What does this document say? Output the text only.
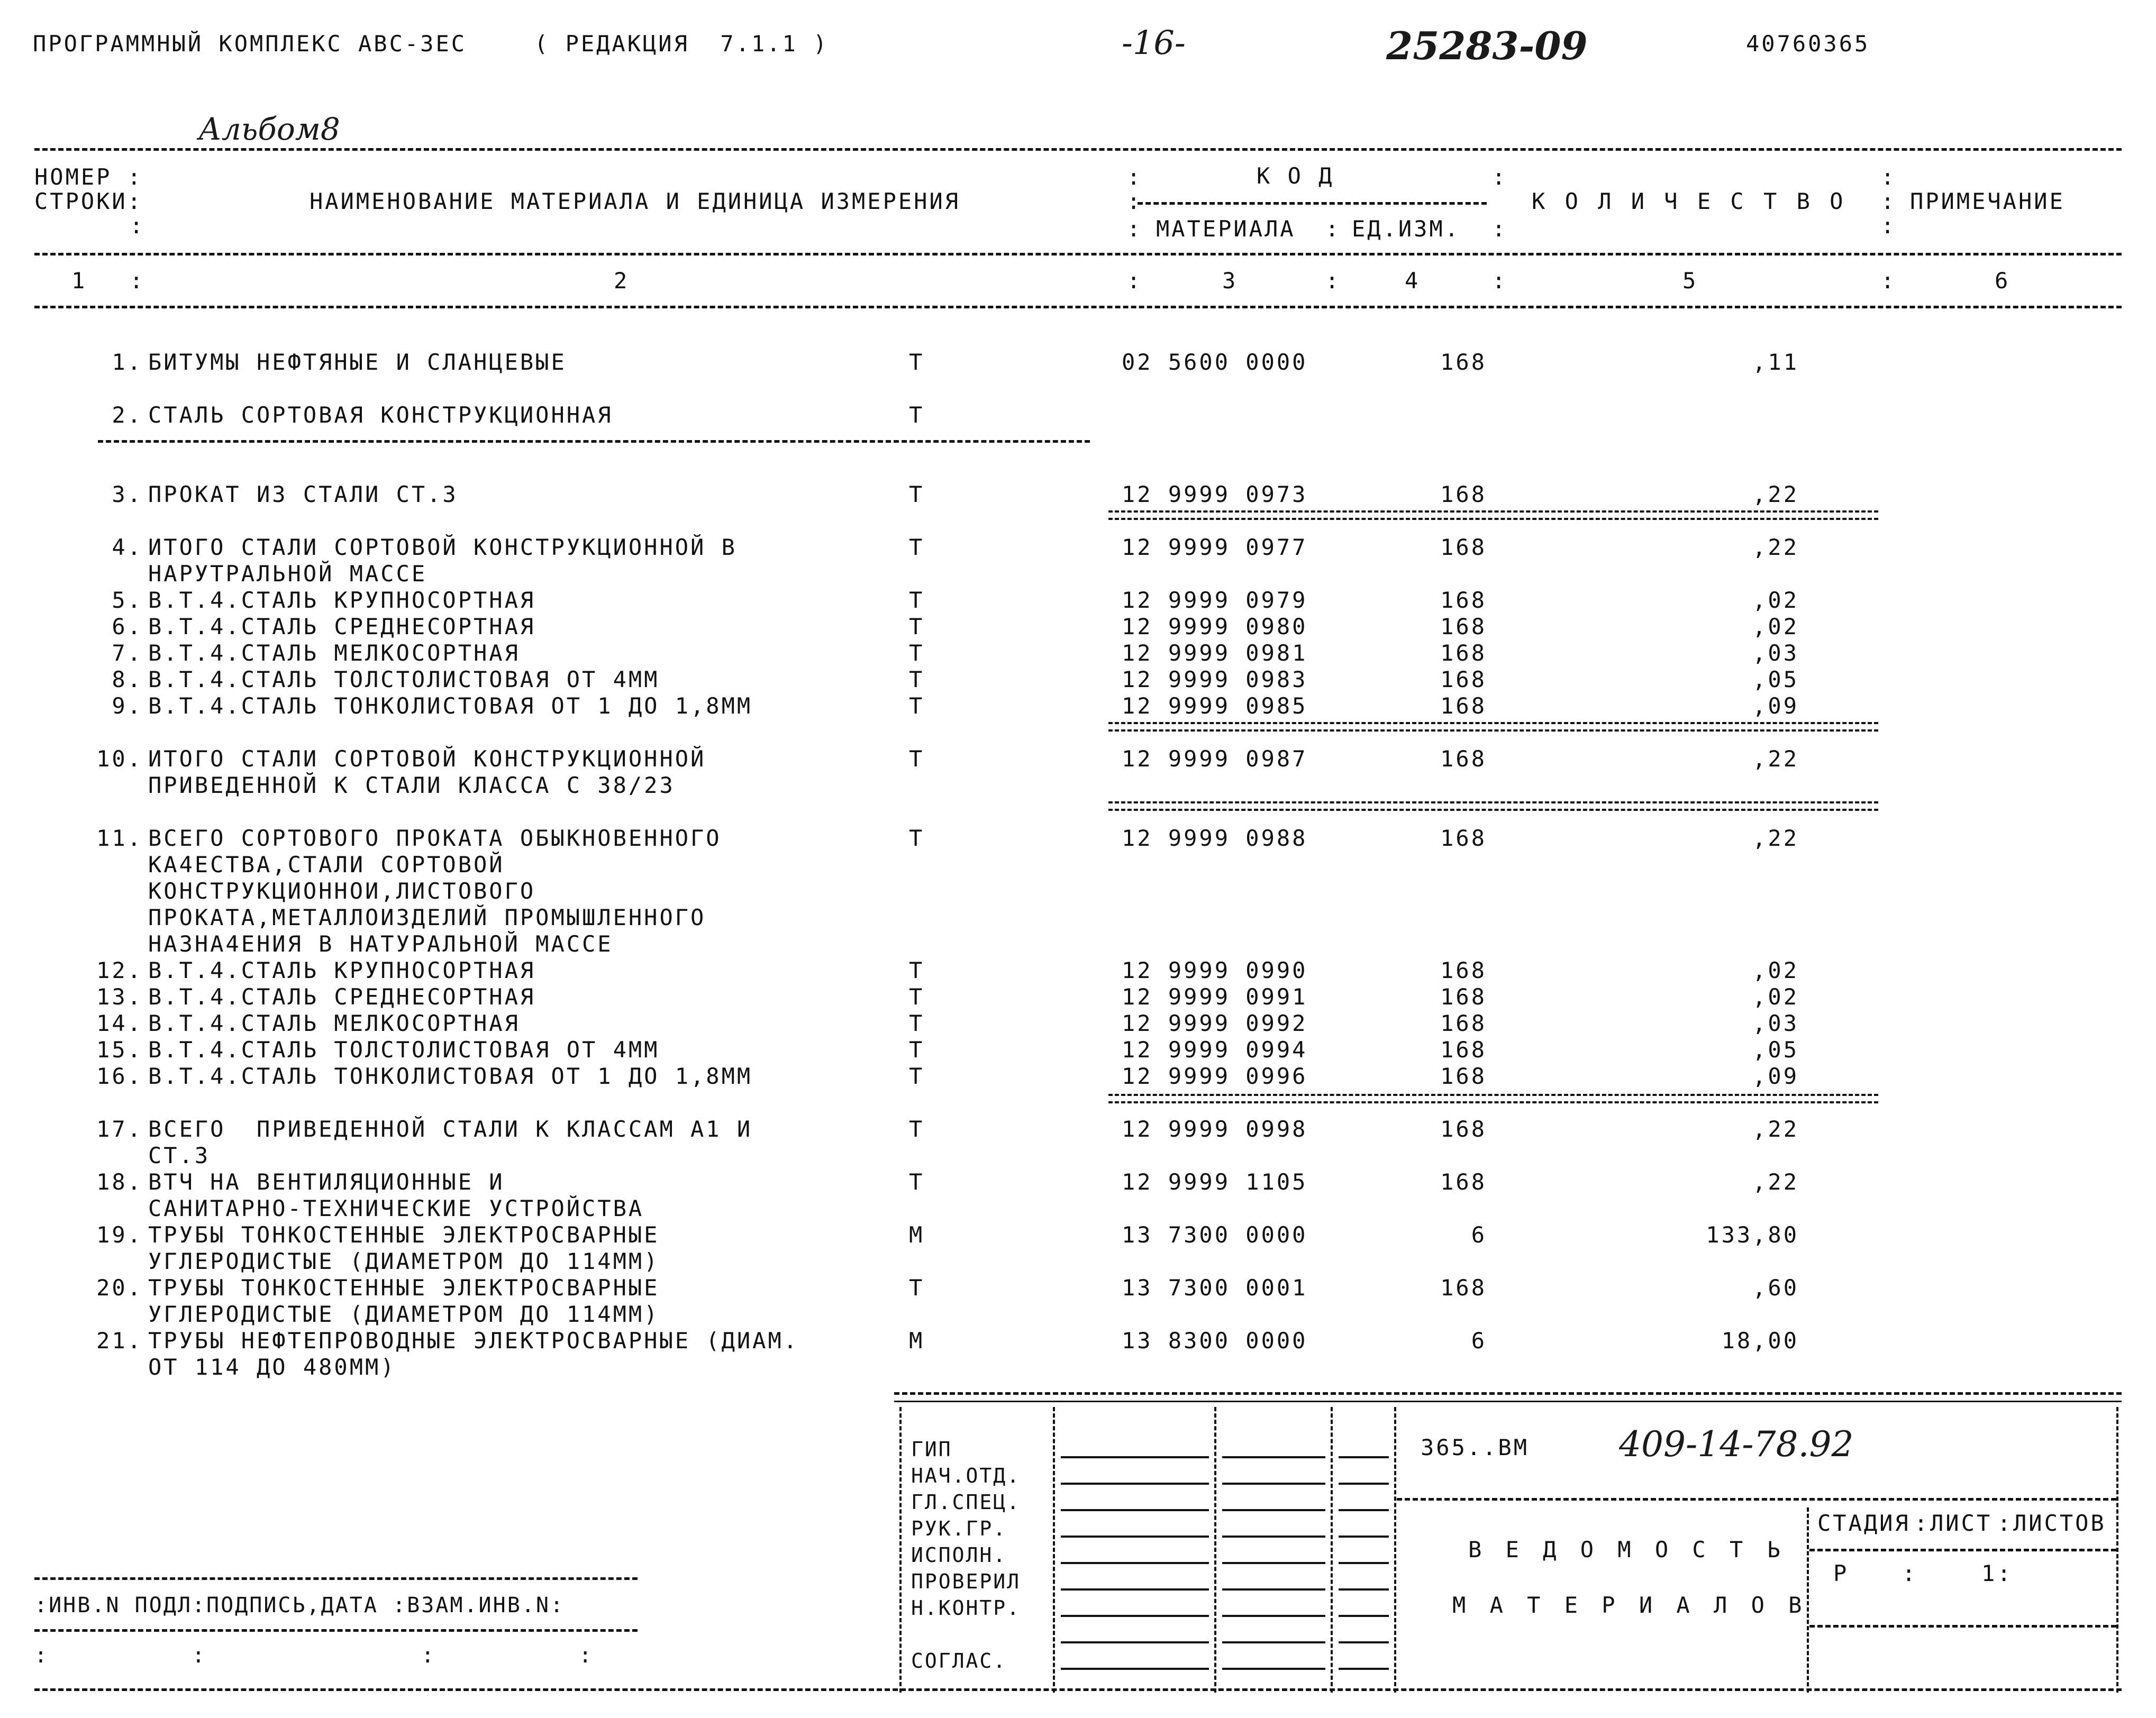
ПРОГРАММНЫЙ КОМПЛЕКС АВС-3ЕС	( РЕДАКЦИЯ  7.1.1 )	-16-	25283-09	40760365
Альбом8
НОМЕР :
СТРОКИ:
:
НАИМЕНОВАНИЕ МАТЕРИАЛА И ЕДИНИЦА ИЗМЕРЕНИЯ
:	К О Д	:
:
:
МАТЕРИАЛА : ЕД.ИЗМ. :
К О Л И Ч Е С Т В О
:
:
:
ПРИМЕЧАНИЕ
1 :	2	:	3	:	4	:	5	:	6
1. БИТУМЫ НЕФТЯНЫЕ И СЛАНЦЕВЫЕ	Т	02 5600 0000	168	,11
2. СТАЛЬ СОРТОВАЯ КОНСТРУКЦИОННАЯ	Т
3. ПРОКАТ ИЗ СТАЛИ СТ.3	Т	12 9999 0973	168	,22
4. ИТОГО СТАЛИ СОРТОВОЙ КОНСТРУКЦИОННОЙ В
НАРУТРАЛЬНОЙ МАССЕ
Т	12 9999 0977	168	,22
5. В.Т.4.СТАЛЬ КРУПНОСОРТНАЯ	Т	12 9999 0979	168	,02
6. В.Т.4.СТАЛЬ СРЕДНЕСОРТНАЯ	Т	12 9999 0980	168	,02
7. В.Т.4.СТАЛЬ МЕЛКОСОРТНАЯ	Т	12 9999 0981	168	,03
8. В.Т.4.СТАЛЬ ТОЛСТОЛИСТОВАЯ ОТ 4ММ	Т	12 9999 0983	168	,05
9. В.Т.4.СТАЛЬ ТОНКОЛИСТОВАЯ ОТ 1 ДО 1,8ММ	Т	12 9999 0985	168	,09
10. ИТОГО СТАЛИ СОРТОВОЙ КОНСТРУКЦИОННОЙ
ПРИВЕДЕННОЙ К СТАЛИ КЛАССА С 38/23
Т	12 9999 0987	168	,22
11. ВСЕГО СОРТОВОГО ПРОКАТА ОБЫКНОВЕННОГО
КА4ЕСТВА,СТАЛИ СОРТОВОЙ
КОНСТРУКЦИОННОИ,ЛИСТОВОГО
ПРОКАТА,МЕТАЛЛОИЗДЕЛИЙ ПРОМЫШЛЕННОГО
НАЗНА4ЕНИЯ В НАТУРАЛЬНОЙ МАССЕ
Т	12 9999 0988	168	,22
12. В.Т.4.СТАЛЬ КРУПНОСОРТНАЯ	Т	12 9999 0990	168	,02
13. В.Т.4.СТАЛЬ СРЕДНЕСОРТНАЯ	Т	12 9999 0991	168	,02
14. В.Т.4.СТАЛЬ МЕЛКОСОРТНАЯ	Т	12 9999 0992	168	,03
15. В.Т.4.СТАЛЬ ТОЛСТОЛИСТОВАЯ ОТ 4ММ	Т	12 9999 0994	168	,05
16. В.Т.4.СТАЛЬ ТОНКОЛИСТОВАЯ ОТ 1 ДО 1,8ММ	Т	12 9999 0996	168	,09
17. ВСЕГО  ПРИВЕДЕННОЙ СТАЛИ К КЛАССАМ А1 И
СТ.3
Т	12 9999 0998	168	,22
18. ВТЧ НА ВЕНТИЛЯЦИОННЫЕ И
САНИТАРНО-ТЕХНИЧЕСКИЕ УСТРОЙСТВА
Т	12 9999 1105	168	,22
19. ТРУБЫ ТОНКОСТЕННЫЕ ЭЛЕКТРОСВАРНЫЕ
УГЛЕРОДИСТЫЕ (ДИАМЕТРОМ ДО 114ММ)
М	13 7300 0000	6	133,80
20. ТРУБЫ ТОНКОСТЕННЫЕ ЭЛЕКТРОСВАРНЫЕ
УГЛЕРОДИСТЫЕ (ДИАМЕТРОМ ДО 114ММ)
Т	13 7300 0001	168	,60
21. ТРУБЫ НЕФТЕПРОВОДНЫЕ ЭЛЕКТРОСВАРНЫЕ (ДИАМ.
ОТ 114 ДО 480ММ)
М	13 8300 0000	6	18,00
ГИП
НАЧ.ОТД.
ГЛ.СПЕЦ.
РУК.ГР.
ИСПОЛН.
ПРОВЕРИЛ
Н.КОНТР.
СОГЛАС.
365..ВМ	409-14-78.92
В Е Д О М О С Т Ь
М А Т Е Р И А Л О В
СТАДИЯ : ЛИСТ : ЛИСТОВ
Р :	1 :
:ИНВ.N ПОДЛ:ПОДПИСЬ,ДАТА :ВЗАМ.ИНВ.N:
:          :               :          :
